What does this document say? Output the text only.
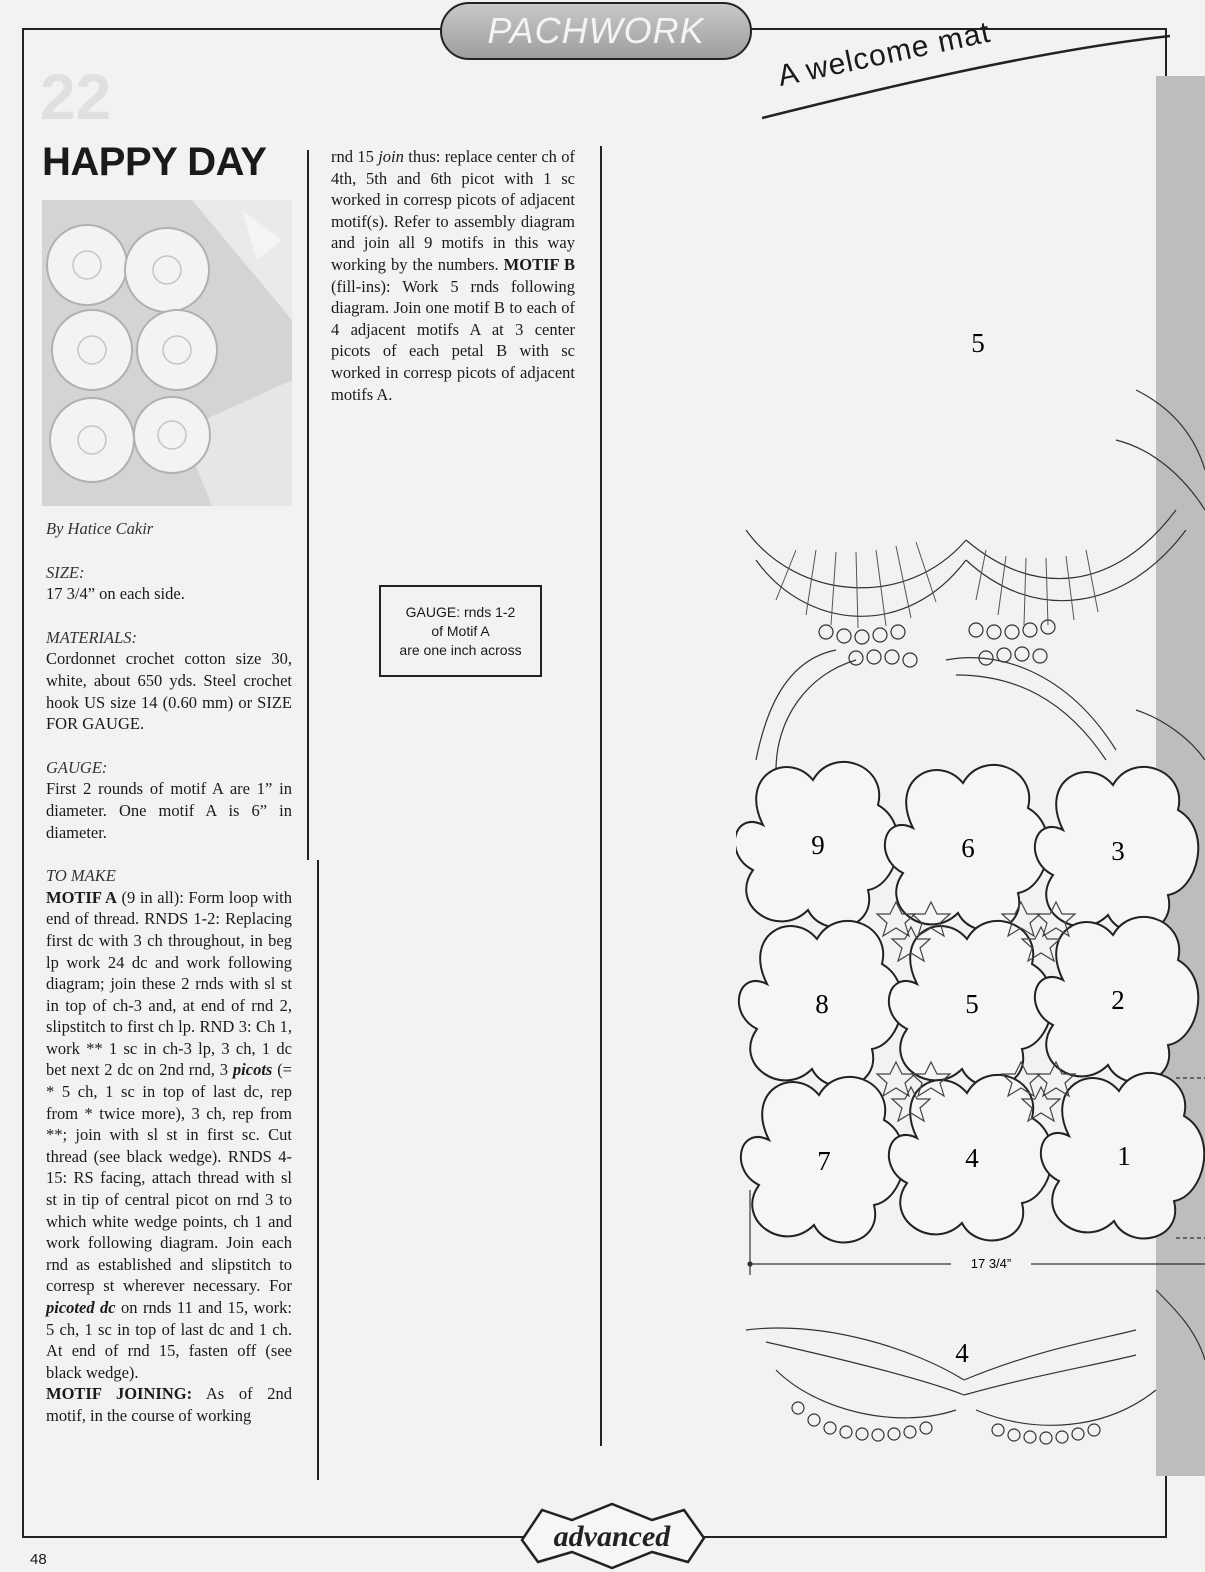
PACHWORK A welcome mat
22
HAPPY DAY

By Hatice Cakir

SIZE:

17 3/4” on each side.

MATERIALS:

Cordonnet crochet cotton size 30, white, about 650 yds. Steel crochet hook US size 14 (0.60 mm) or SIZE FOR GAUGE.

GAUGE:

First 2 rounds of motif A are 1” in diameter. One motif A is 6” in diameter.

TO MAKE

MOTIF A (9 in all): Form loop with end of thread. RNDS 1-2: Replacing first dc with 3 ch throughout, in beg lp work 24 dc and work following diagram; join these 2 rnds with sl st in top of ch-3 and, at end of rnd 2, slipstitch to first ch lp. RND 3: Ch 1, work ** 1 sc in ch-3 lp, 3 ch, 1 dc bet next 2 dc on 2nd rnd, 3 picots (= * 5 ch, 1 sc in top of last dc, rep from * twice more), 3 ch, rep from **; join with sl st in first sc. Cut thread (see black wedge). RNDS 4-15: RS facing, attach thread with sl st in tip of central picot on rnd 3 to which white wedge points, ch 1 and work following diagram. Join each rnd as established and slipstitch to corresp st wherever necessary. For picoted dc on rnds 11 and 15, work: 5 ch, 1 sc in top of last dc and 1 ch. At end of rnd 15, fasten off (see black wedge).

MOTIF JOINING: As of 2nd motif, in the course of working

rnd 15 join thus: replace center ch of 4th, 5th and 6th picot with 1 sc worked in corresp picots of adjacent motif(s). Refer to assembly diagram and join all 9 motifs in this way working by the numbers. MOTIF B (fill-ins): Work 5 rnds following diagram. Join one motif B to each of 4 adjacent motifs A at 3 center picots of each petal B with sc worked in corresp picots of adjacent motifs A.

GAUGE: rnds 1-2
of Motif A
are one inch across
5
9	6	3
8	5	2
7	4	1
17 3/4”
4
advanced
48
